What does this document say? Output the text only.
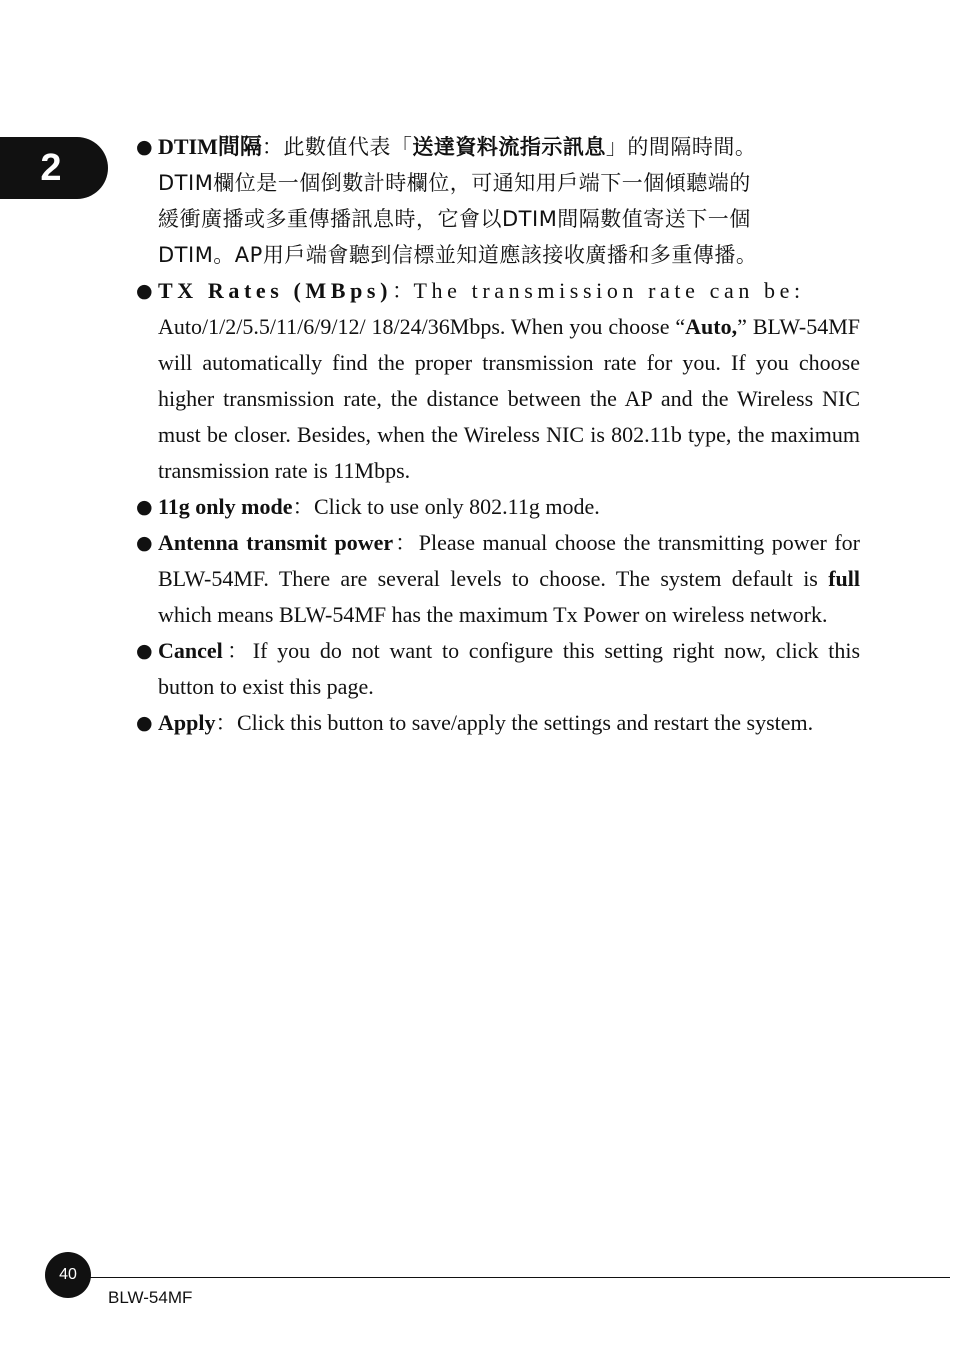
2	● DTIM間隔：此數值代表「送達資料流指示訊息」的間隔時間。
DTIM欄位是一個倒數計時欄位，可通知用戶端下一個傾聽端的
緩衝廣播或多重傳播訊息時，它會以DTIM間隔數值寄送下一個
DTIM。AP用戶端會聽到信標並知道應該接收廣播和多重傳播。

● TX Rates (MBps)：The transmission rate can be:
Auto/1/2/5.5/11/6/9/12/ 18/24/36Mbps. When you choose “Auto,” BLW-54MF will automatically find the proper transmission rate for you. If you choose higher transmission rate, the distance between the AP and the Wireless NIC must be closer. Besides, when the Wireless NIC is 802.11b type, the maximum transmission rate is 11Mbps.

● 11g only mode：Click to use only 802.11g mode.

● Antenna transmit power：Please manual choose the transmitting power for BLW-54MF. There are several levels to choose. The system default is full which means BLW-54MF has the maximum Tx Power on wireless network.

● Cancel：If you do not want to configure this setting right now, click this button to exist this page.

● Apply：Click this button to save/apply the settings and restart the system.

40
BLW-54MF
